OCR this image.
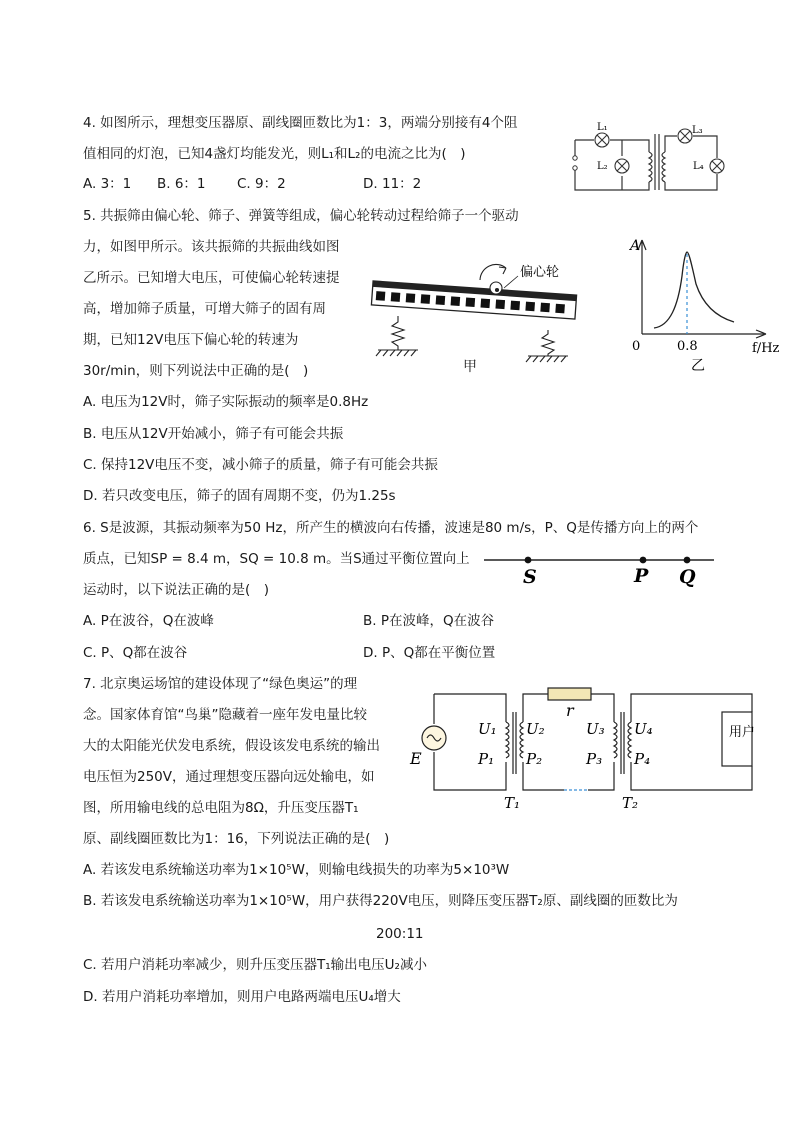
4. 如图所示，理想变压器原、副线圈匝数比为1：3，两端分别接有4个阻
值相同的灯泡，已知4盏灯均能发光，则L₁和L₂的电流之比为(　)
A. 3：1 B. 6：1 C. 9：2	D. 11：2
L₁
L₂
L₃
L₄
5. 共振筛由偏心轮、筛子、弹簧等组成，偏心轮转动过程给筛子一个驱动
力，如图甲所示。该共振筛的共振曲线如图
乙所示。已知增大电压，可使偏心轮转速提
高，增加筛子质量，可增大筛子的固有周
期，已知12V电压下偏心轮的转速为
30r/min，则下列说法中正确的是(　)
A. 电压为12V时，筛子实际振动的频率是0.8Hz
B. 电压从12V开始减小，筛子有可能会共振
C. 保持12V电压不变，减小筛子的质量，筛子有可能会共振
D. 若只改变电压，筛子的固有周期不变，仍为1.25s
偏心轮
甲
A
0	0.8	f/Hz
乙
6. S是波源，其振动频率为50 Hz，所产生的横波向右传播，波速是80 m/s，P、Q是传播方向上的两个
质点，已知SP = 8.4 m，SQ = 10.8 m。当S通过平衡位置向上
运动时，以下说法正确的是(　)
A. P在波谷，Q在波峰	B. P在波峰，Q在波谷
C. P、Q都在波谷	D. P、Q都在平衡位置
S	P Q
7. 北京奥运场馆的建设体现了“绿色奥运”的理
念。国家体育馆“鸟巢”隐藏着一座年发电量比较
大的太阳能光伏发电系统，假设该发电系统的输出
电压恒为250V，通过理想变压器向远处输电，如
图，所用输电线的总电阻为8Ω，升压变压器T₁
原、副线圈匝数比为1：16，下列说法正确的是(　)
A. 若该发电系统输送功率为1×10⁵W，则输电线损失的功率为5×10³W
B. 若该发电系统输送功率为1×10⁵W，用户获得220V电压，则降压变压器T₂原、副线圈的匝数比为
200:11
C. 若用户消耗功率减少，则升压变压器T₁输出电压U₂减小
D. 若用户消耗功率增加，则用户电路两端电压U₄增大
用户
E
r
U₁
P₁
U₂
P₂
U₃
P₃
U₄
P₄
T₁	T₂
